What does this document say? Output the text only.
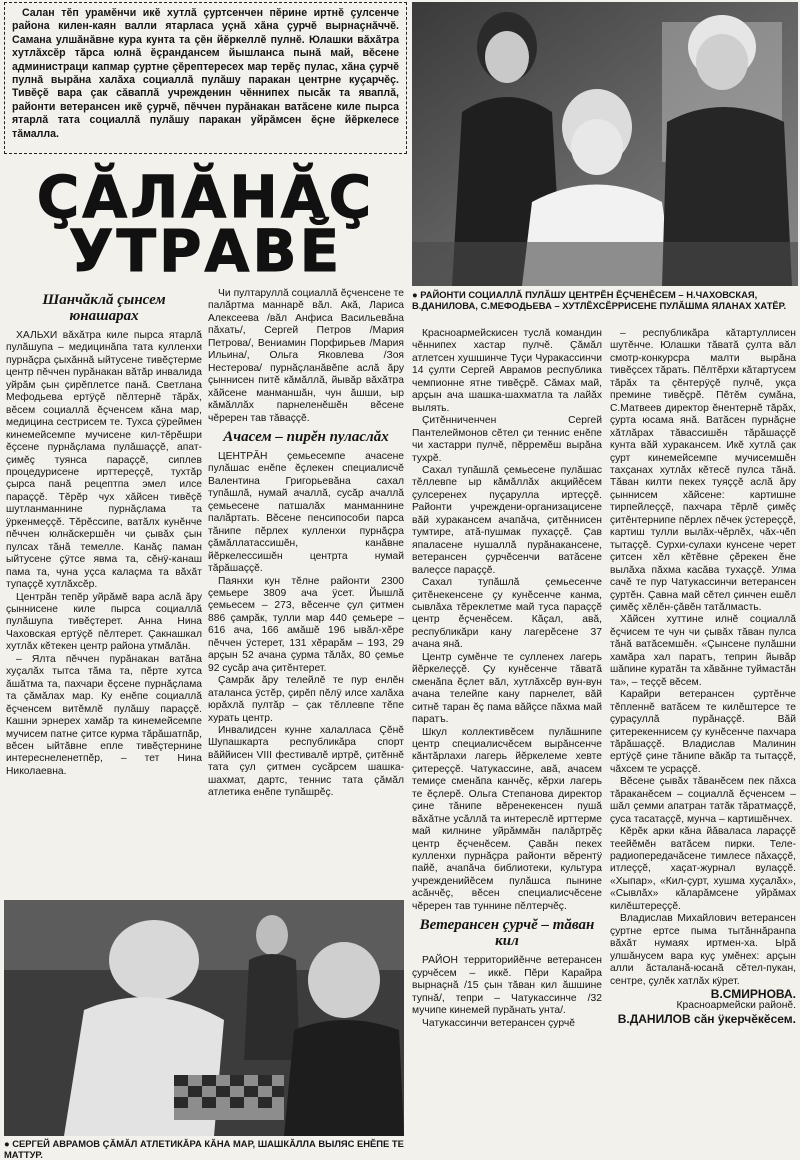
Салан тĕп урамĕнчи икĕ хутлă çуртсенчен пĕрине иртнĕ çулсенче района килен-каян валли ятарласа уçнă хăна çурчĕ вырнаçнăччĕ. Самана улшăнăвне кура кунта та çĕн йĕркеллĕ пулнĕ. Юлашки вăхăтра хутлăхсĕр тăрса юлнă ĕçрандансем йышланса пынă май, вĕсене администраци капмар çуртне çĕрептересех мар терĕç пулас, хăна çурчĕ пулнă вырăна халăха социаллă пулăшу паракан центрне куçарчĕç. Тивĕçĕ вара çак сăваплă учрежденин чĕннипех пысăк та яваплă, районти ветерансен икĕ çурчĕ, пĕччен пурăнакан ватăсене киле пырса ятарлă тата социаллă пулăшу паракан уйрăмсен ĕçне йĕркелесе тăмалла.

ÇĂЛĂНĂÇ
УТРАВĔ
● РАЙОНТИ СОЦИАЛЛĂ ПУЛĂШУ ЦЕНТРĔН ĔÇЧЕНĔСЕМ – Н.ЧАХОВСКАЯ, В.ДАНИЛОВА, С.МЕФОДЬЕВА – ХУТЛĔХСĔРРИСЕНЕ ПУЛĂШМА ЯЛАНАХ ХАТĔР.
Шанчăклă çынсем юнашарах

ХАЛЬХИ вăхăтра киле пырса ятарлă пулăшупа – медицинăпа тата кулленхи пурнăçра çыхăннă ыйтусене тивĕçтерме центр пĕччен пурăнакан вăтăр инвалида уйрăм çын çирĕплетсе панă. Светлана Мефодьева ертÿçĕ пĕлтернĕ тăрăх, вĕсем социаллă ĕçченсем кăна мар, медицина сестрисем те. Тухса çÿреймен кинемейсемпе мучисене кил-тĕрĕшри ĕçсене пурнăçлама пулăшаççĕ, апат-çимĕç туянса параççĕ, сиплев процедурисене ирттереççĕ, тухтăр çырса панă рецептпа эмел илсе параççĕ. Тĕрĕр чух хăйсен тивĕçĕ шутланманнине пурнăçлама та ÿркенмеççĕ. Тĕрĕссипе, ватăлх кунĕнче пĕччен юлнăскершĕн чи çывăх çын пулсах тăнă темелле. Канăç паман ыйтусене çÿтсе явма та, сĕнÿ-канаш пама та, чуна уçса калаçма та вăхăт тупаççĕ хутлăхсĕр.

Центрăн тепĕр уйрăмĕ вара аслă ăру çыннисене киле пырса социаллă пулăшупа тивĕçтерет. Анна Нина Чаховская ертÿçĕ пĕлтерет. Çакнашкал хутлăх кĕтекен центр района утмăлăн.

– Ялта пĕччен пурăнакан ватăна хуçалăх тытса тăма та, пĕрте хутса ăшăтма та, пахчари ĕçсене пурнăçлама та çăмăлах мар. Ку енĕпе социаллă ĕçченсем витĕмлĕ пулăшу параççĕ. Кашни эрнерех хамăр та кинемейсемпе мучисем патне çитсе курма тăрăшатпăр, вĕсен ыйтăвне епле тивĕçтернине интереснеленетпĕр, – тет Нина Николаевна.

Чи пултаруллă социаллă ĕçченсене те палăртма маннарĕ вăл. Акă, Лариса Алексеева /вăл Анфиса Васильевăна пăхать/, Сергей Петров /Мария Петрова/, Вениамин Порфирьев /Мария Ильина/, Ольга Яковлева /Зоя Нестерова/ пурнăçланăвĕпе аслă ăру çыннисен питĕ кăмăллă, йывăр вăхăтра хăйсене манманшăн, чун ăшши, ыр кăмăллăх парнеленĕшĕн вĕсене чĕререн тав тăваççĕ.

Ачасем – пирĕн пуласлăх

ЦЕНТРĂН çемьесемпе ачасене пулăшас енĕпе ĕçлекен специалисчĕ Валентина Григорьевăна сахал тупăшлă, нумай ачаллă, сусăр ачаллă çемьесене патшалăх манманнине палăртать. Вĕсене пенсипособи парса тăнипе пĕрлех кулленхи пурнăçра çăмăллатассишĕн, канăвне йĕркелессишĕн центрта нумай тăрăшаççĕ.

Паянхи кун тĕлне районти 2300 çемьере 3809 ача ÿсет. Йышлă çемьесем – 273, вĕсенче çул çитмен 886 çамрăк, тулли мар 440 çемьере – 616 ача, 166 амăшĕ 196 ывăл-хĕре пĕччен ÿстерет, 131 хĕрарăм – 193, 29 арçын 52 ачана çурма тăлăх, 80 çемье 92 сусăр ача çитĕнтерет.

Çамрăк ăру телейлĕ те пур енлĕн аталанса ÿстĕр, çирĕп пĕлÿ илсе халăха юрăхлă пултăр – çак тĕллевпе тĕпе хурать центр.

Инвалидсен кунне халалласа Çĕнĕ Шупашкарта республикăра спорт вăййисен VIII фестивалĕ иртрĕ, çитĕннĕ тата çул çитмен сусăрсем шашка-шахмат, дартс, теннис тата çăмăл атлетика енĕпе тупăшрĕç.

● СЕРГЕЙ АВРАМОВ ÇĂМĂЛ АТЛЕТИКĂРА КĂНА МАР, ШАШКĂЛЛА ВЫЛЯС ЕНĔПЕ ТЕ МАТТУР.

Красноармейскисен туслă командин чĕннипех хастар пулчĕ. Çăмăл атлетсен хушшинче Туçи Чуракассинчи 14 çулти Сергей Аврамов республика чемпионне ятне тивĕçрĕ. Сăмах май, арçын ача шашка-шахматла та лайăх вылять.

Çитĕнниченчен Сергей Пантелеймонов сĕтел çи теннис енĕпе чи хастарри пулчĕ, пĕрремĕш вырăна тухрĕ.

Сахал тупăшлă çемьесене пулăшас тĕллевпе ыр кăмăллăх акцийĕсем çулсеренех пуçарулла иртеççĕ. Районти учреждени-организацисене вăй хуракансем ачапăча, çитĕннисен тумтире, атă-пушмак пухаççĕ. Çав япаласене нушаллă пурăнакансене, ветерансен çурчĕсенчи ватăсене валеçсе параççĕ.

Сахал тупăшлă çемьесенче çитĕнекенсене çу кунĕсенче канма, сывлăха тĕреклетме май туса параççĕ центр ĕçченĕсем. Кăçал, авă, республикăри кану лагерĕсене 37 ачана янă.

Центр сумĕнче те сулленех лагерь йĕркелеççĕ. Çу кунĕсенче тăватă сменăпа ĕçлет вăл, хутлăхсĕр вун-вун ачана телейпе кану парнелет, вăй ситнĕ таран ĕç пама вăйçсе пăхма май паратъ.

Шкул коллективĕсем пулăшнипе центр специалисчĕсем вырăнсенче кăнтăрлахи лагерь йĕркелеме хевте çитереççĕ. Чатукассине, авă, ачасем темиçе сменăпа канчĕç, кĕрхи лагерь те ĕçлерĕ. Ольга Степанова директор çине тăнипе вĕренекенсен пушă вăхăтне усăллă та интереслĕ ирттерме май килнине уйрăммăн палăртрĕç центр ĕçченĕсем. Çавăн пекех кулленхи пурнăçра районти вĕрентÿ пайĕ, ачапăча библиотеки, культура учрежденийĕсем пулăшса пынине асăнчĕç, вĕсен специалисчĕсене чĕререн тав туннине пĕлтерчĕç.

Ветерансен çурчĕ – тăван кил

РАЙОН территорийĕнче ветерансен çурчĕсем – иккĕ. Пĕри Карайра вырнаçнă /15 çын тăван кил ăшшине тупнă/, тепри – Чатукассинче /32 мучипе кинемей пурăнать унта/.

Чатукассинчи ветерансен çурчĕ

– республикăра кăтартуллисен шутĕнче. Юлашки тăватă çулта вăл смотр-конкурсра малти вырăна тивĕçсех тăрать. Пĕлтĕрхи кăтартусем тăрăх та çĕнтерÿçĕ пулчĕ, укçа премине тивĕçрĕ. Пĕтĕм сумăна, С.Матвеев директор ĕнентернĕ тăрăх, çурта юсама янă. Ватăсен пурнăçне хăтлăрах тăвассишĕн тăрăшаççĕ кунта вăй хуракансем. Икĕ хутлă çак çурт кинемейсемпе мучисемшĕн тахçанах хутлăх кĕтесĕ пулса тăнă. Тăван килти пекех туяççĕ аслă ăру çыннисем хăйсене: картишне тирпейлеççĕ, пахчара тĕрлĕ çимĕç çитĕнтернипе пĕрлех пĕчек ÿстереççĕ, картиш тулли вылăх-чĕрлĕх, чăх-чĕп тытаççĕ. Сурхи-сулахи кунсене черет çитсен хĕл кĕтĕвне çĕрекен ĕне вылăха пăхма касăва тухаççĕ. Улма сачĕ те пур Чатукассинчи ветерансен çуртĕн. Çавна май сĕтел çинчен ешĕл çимĕç хĕлĕн-çăвĕн татăлмасть.

Хăйсен хуттине илнĕ социаллă ĕçчисем те чун чи çывăх тăван пулса тăнă ватăсемшĕн. «Çынсене пулăшни хамăра хал паратъ, теприн йывăр шăпине куратăн та хăвăнне туймастăн та», – теççĕ вĕсем.

Карайри ветерансен çуртĕнче тĕпленнĕ ватăсем те килĕштерсе те çураçуллă пурăнаççĕ. Вăй çитерекеннисем çу кунĕсенче пахчара тăрăшаççĕ. Владислав Малинин ертÿçĕ çине тăнипе вăкăр та тытаççĕ, чăхсем те усраççĕ.

Вĕсене çывăх тăванĕсем пек пăхса тăраканĕсем – социаллă ĕçченсем – шăл çемми апатран татăк тăратмаççĕ, çуса тасатаççĕ, мунча – картишĕнчех.

Кĕрĕк арки кăна йăваласа лараççĕ теейĕмĕн ватăсем пирки. Теле-радиопередачăсене тимлесе пăхаççĕ, итлеççĕ, хаçат-журнал вулаççĕ. «Хыпар», «Кил-çурт, хушма хуçалăх», «Сывлăх» кăларăмсене уйрăмах килĕштереççĕ.

Владислав Михайлович ветерансен çуртне ертсе пыма тытăннăранпа вăхăт нумаях иртмен-ха. Ырă улшăнусем вара куç умĕнех: арçын алли ăсталанă-юсанă сĕтел-пукан, сентре, çулĕк хатлăх кÿрет.

В.СМИРНОВА.

Красноармейски районĕ.

В.ДАНИЛОВ сăн ÿкерчĕкĕсем.
